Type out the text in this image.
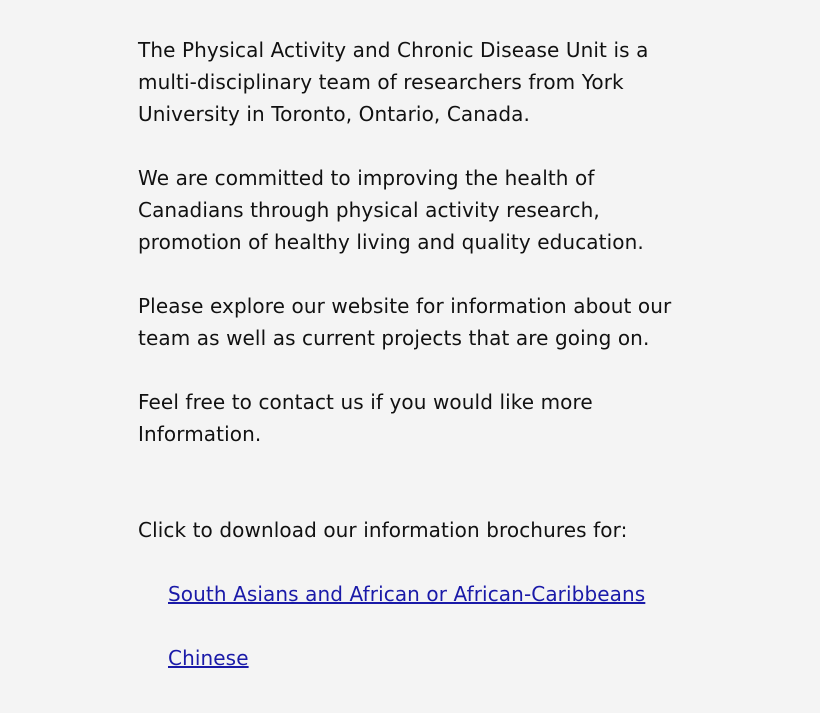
The Physical Activity and Chronic Disease Unit is a multi-disciplinary team of researchers from York University in Toronto, Ontario, Canada.

We are committed to improving the health of Canadians through physical activity research, promotion of healthy living and quality education.

Please explore our website for information about our team as well as current projects that are going on.

Feel free to contact us if you would like more Information.

Click to download our information brochures for:

South Asians and African or African-Caribbeans
Chinese
